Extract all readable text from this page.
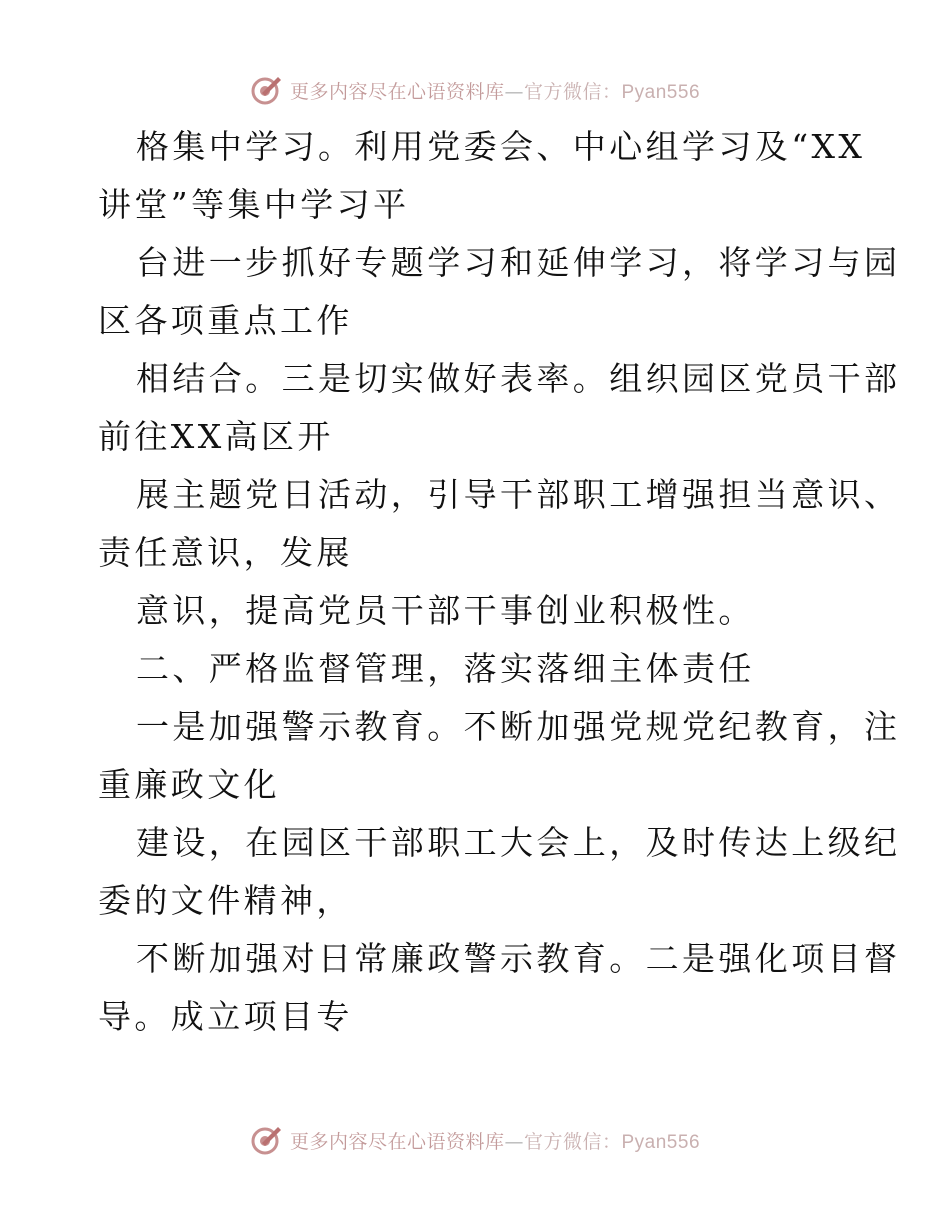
更多内容尽在心语资料库—官方微信：Pyan556
格集中学习。利用党委会、中心组学习及“XX
讲堂”等集中学习平
台进一步抓好专题学习和延伸学习，将学习与园
区各项重点工作
相结合。三是切实做好表率。组织园区党员干部
前往XX高区开
展主题党日活动，引导干部职工增强担当意识、
责任意识，发展
意识，提高党员干部干事创业积极性。
二、严格监督管理，落实落细主体责任
一是加强警示教育。不断加强党规党纪教育，注
重廉政文化
建设，在园区干部职工大会上，及时传达上级纪
委的文件精神，
不断加强对日常廉政警示教育。二是强化项目督
导。成立项目专
更多内容尽在心语资料库—官方微信：Pyan556
